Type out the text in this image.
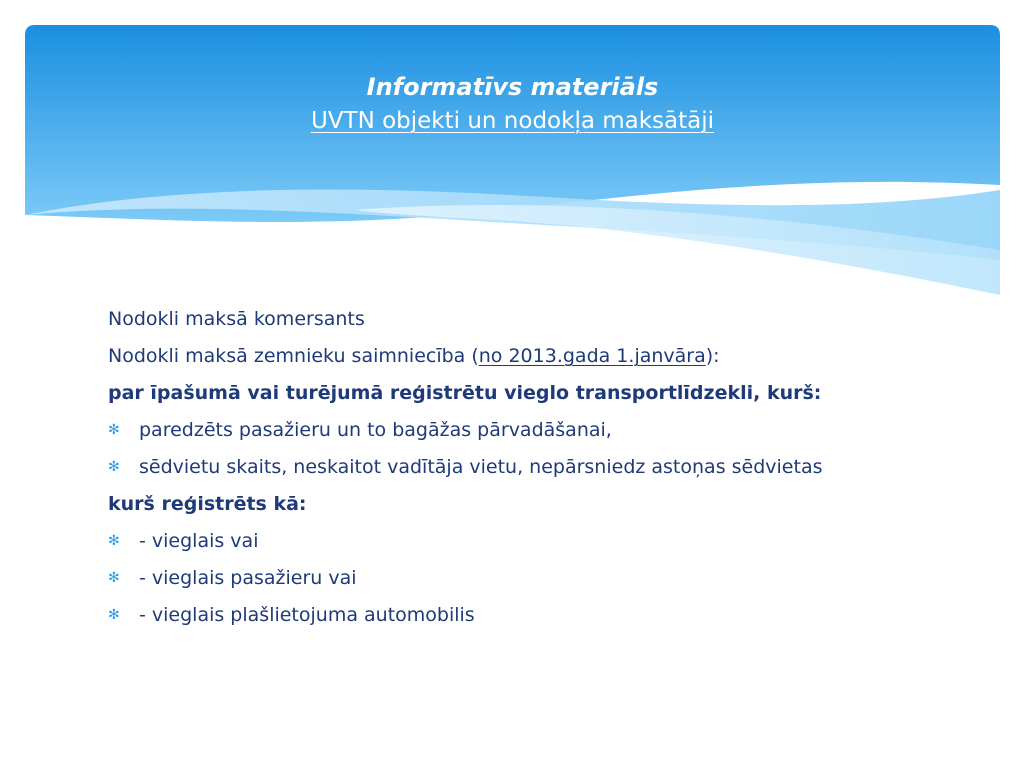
Informatīvs materiāls
UVTN objekti un nodokļa maksātāji
Nodokli maksā komersants
Nodokli maksā zemnieku saimniecība (no 2013.gada 1.janvāra):
par īpašumā vai turējumā reģistrētu vieglo transportlīdzekli, kurš:
✻ paredzēts pasažieru un to bagāžas pārvadāšanai,
✻ sēdvietu skaits, neskaitot vadītāja vietu, nepārsniedz astoņas sēdvietas
kurš reģistrēts kā:
✻ - vieglais vai
✻ - vieglais pasažieru vai
✻ - vieglais plašlietojuma automobilis
